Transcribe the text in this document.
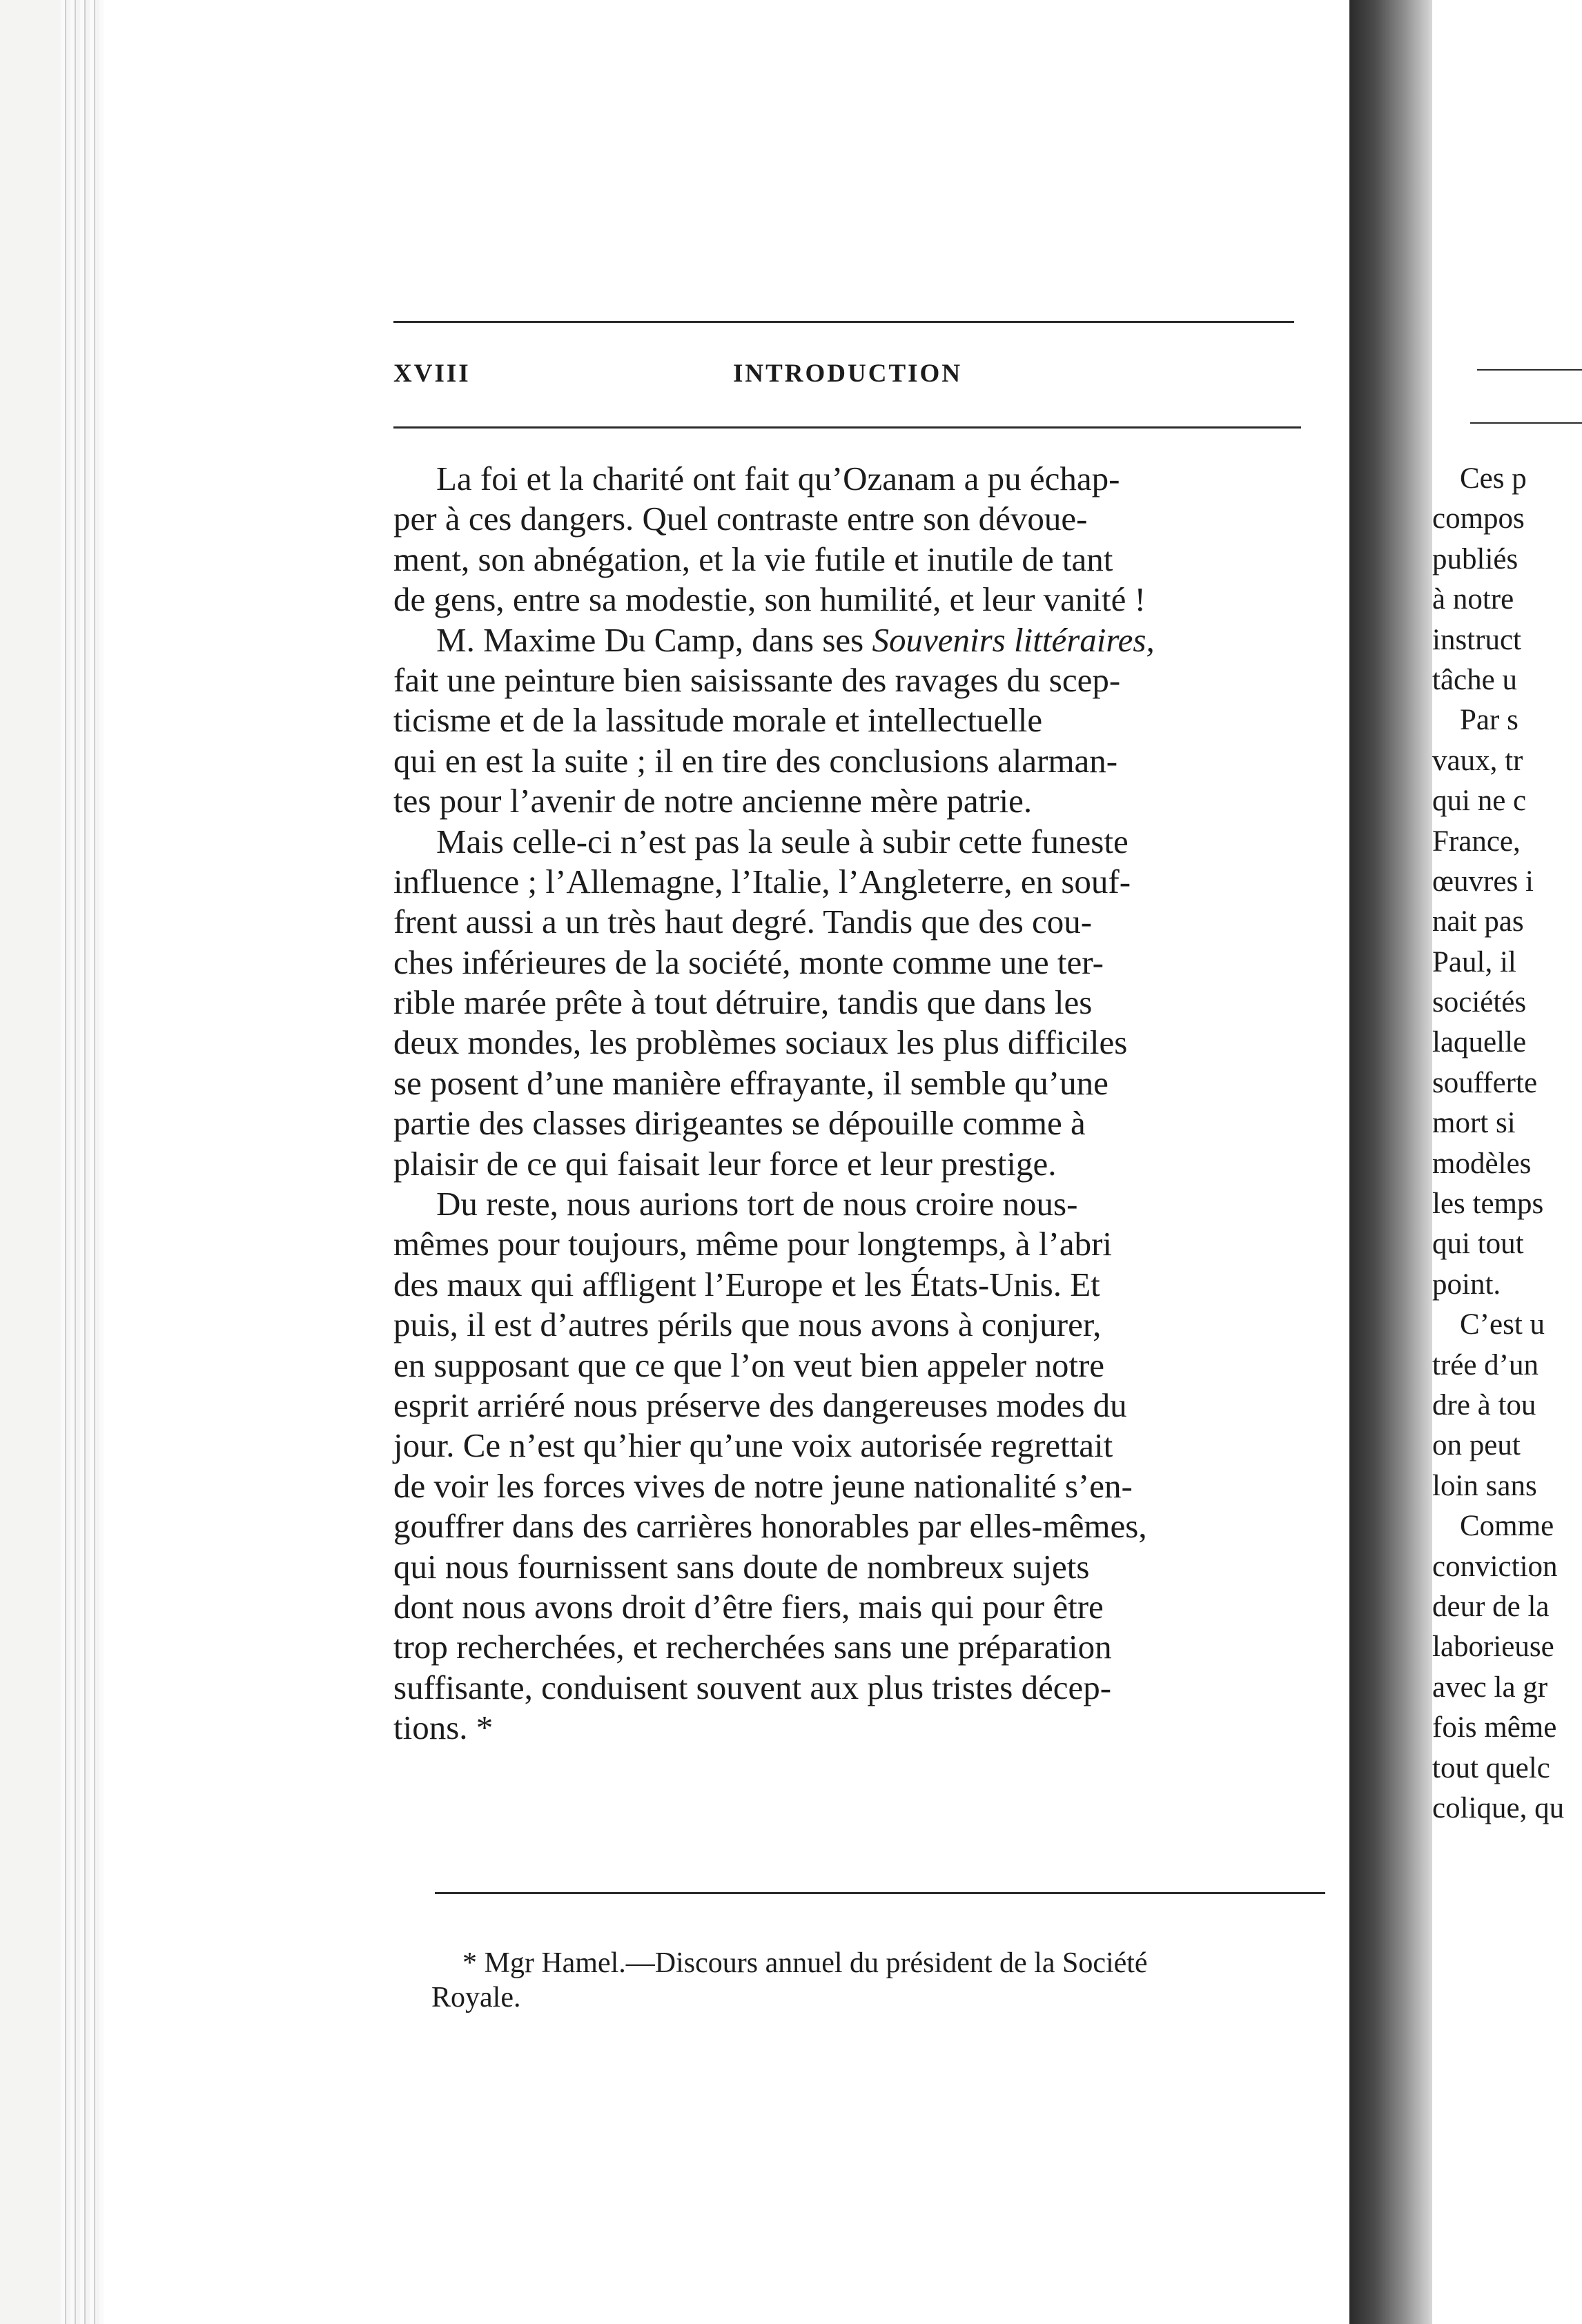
XVIII	INTRODUCTION
La foi et la charité ont fait qu’Ozanam a pu échap-
per à ces dangers. Quel contraste entre son dévoue-
ment, son abnégation, et la vie futile et inutile de tant
de gens, entre sa modestie, son humilité, et leur vanité !
M. Maxime Du Camp, dans ses Souvenirs littéraires,
fait une peinture bien saisissante des ravages du scep-
ticisme et de la lassitude morale et intellectuelle
qui en est la suite ; il en tire des conclusions alarman-
tes pour l’avenir de notre ancienne mère patrie.
Mais celle-ci n’est pas la seule à subir cette funeste
influence ; l’Allemagne, l’Italie, l’Angleterre, en souf-
frent aussi a un très haut degré. Tandis que des cou-
ches inférieures de la société, monte comme une ter-
rible marée prête à tout détruire, tandis que dans les
deux mondes, les problèmes sociaux les plus difficiles
se posent d’une manière effrayante, il semble qu’une
partie des classes dirigeantes se dépouille comme à
plaisir de ce qui faisait leur force et leur prestige.
Du reste, nous aurions tort de nous croire nous-
mêmes pour toujours, même pour longtemps, à l’abri
des maux qui affligent l’Europe et les États-Unis. Et
puis, il est d’autres périls que nous avons à conjurer,
en supposant que ce que l’on veut bien appeler notre
esprit arriéré nous préserve des dangereuses modes du
jour. Ce n’est qu’hier qu’une voix autorisée regrettait
de voir les forces vives de notre jeune nationalité s’en-
gouffrer dans des carrières honorables par elles-mêmes,
qui nous fournissent sans doute de nombreux sujets
dont nous avons droit d’être fiers, mais qui pour être
trop recherchées, et recherchées sans une préparation
suffisante, conduisent souvent aux plus tristes décep-
tions. *
* Mgr Hamel.—Discours annuel du président de la Société
Royale.
Ces p
compos
publiés
à notre
instruct
tâche u
Par s
vaux, tr
qui ne c
France,
œuvres i
nait pas
Paul, il
sociétés
laquelle
soufferte
mort si
modèles
les temps
qui tout
point.
C’est u
trée d’un
dre à tou
on peut
loin sans
Comme
conviction
deur de la
laborieuse
avec la gr
fois même
tout quelc
colique, qu
